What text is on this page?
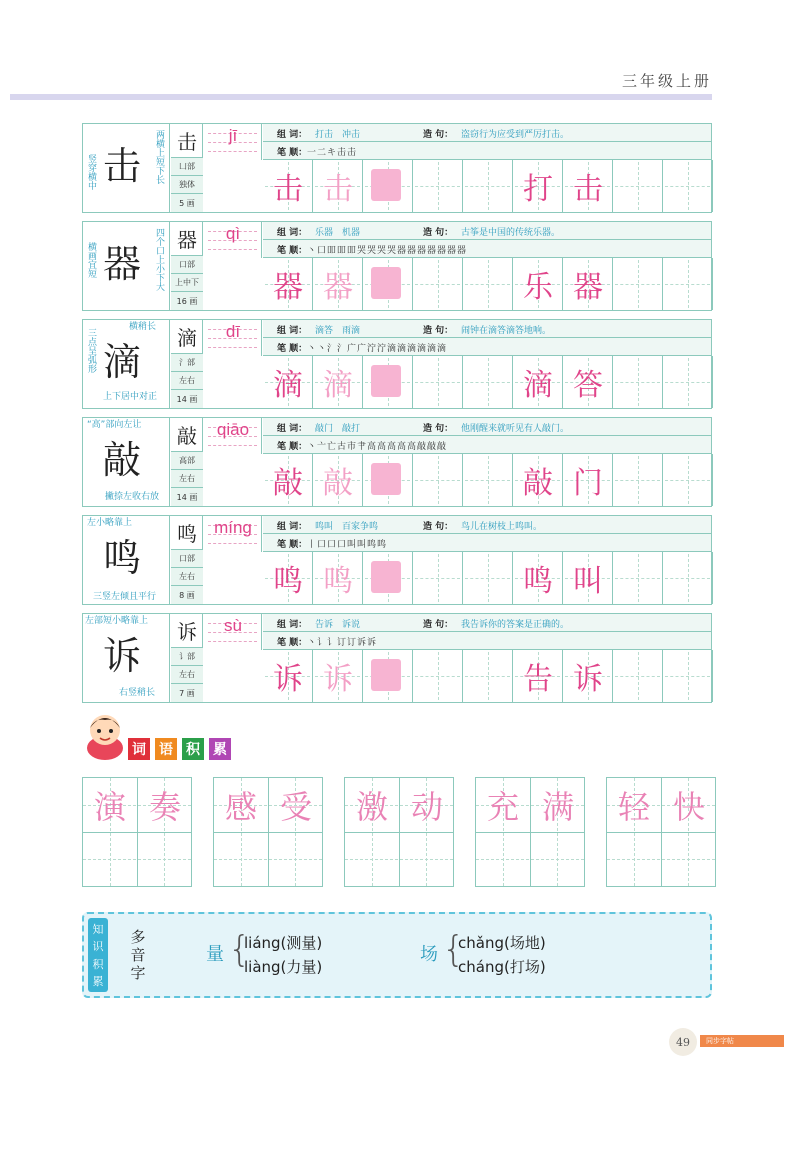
三年级上册
击 两横上短下长
竖穿横中
击
凵部
独体
5 画
jī	组 词： 打击　冲击	造 句： 盗窃行为应受到严厉打击。
笔 顺： 一二キ击击
击 击	打 击
器 四个口上小下大
横画宜短
器
口部
上中下
16 画
qì	组 词： 乐器　机器	造 句： 古筝是中国的传统乐器。
笔 顺： 丶口吅吅吅哭哭哭哭器器器器器器器
器 器	乐 器
滴
横稍长
三点呈弧形
上下居中对正
滴
氵部
左右
14 画
dī	组 词： 滴答　雨滴	造 句： 闹钟在滴答滴答地响。
笔 顺： 丶丶氵氵广广泞泞滴滴滴滴滴滴
滴 滴	滴 答
敲
“高”部向左让
撇捺左收右放
敲
高部
左右
14 画
qiāo	组 词： 敲门　敲打	造 句： 他刚醒来就听见有人敲门。
笔 顺： 丶亠亡古市肀高高高高高敲敲敲
敲 敲	敲 门
鸣
左小略靠上
三竖左倾且平行
鸣
口部
左右
8 画
míng	组 词： 鸣叫　百家争鸣	造 句： 鸟儿在树枝上鸣叫。
笔 顺： 丨口口口叫叫鸣鸣
鸣 鸣	鸣 叫
诉
左部短小略靠上
右竖稍长
诉
讠部
左右
7 画
sù	组 词： 告诉　诉说	造 句： 我告诉你的答案是正确的。
笔 顺： 丶讠讠订订诉诉
诉 诉	告 诉
词 语 积 累
演 奏	感 受	激 动	充 满	轻 快
知
识
积
累
多
音
字
量 {
liáng(测量)
liàng(力量)
场 {
chǎng(场地)
cháng(打场)
49	同步字帖
